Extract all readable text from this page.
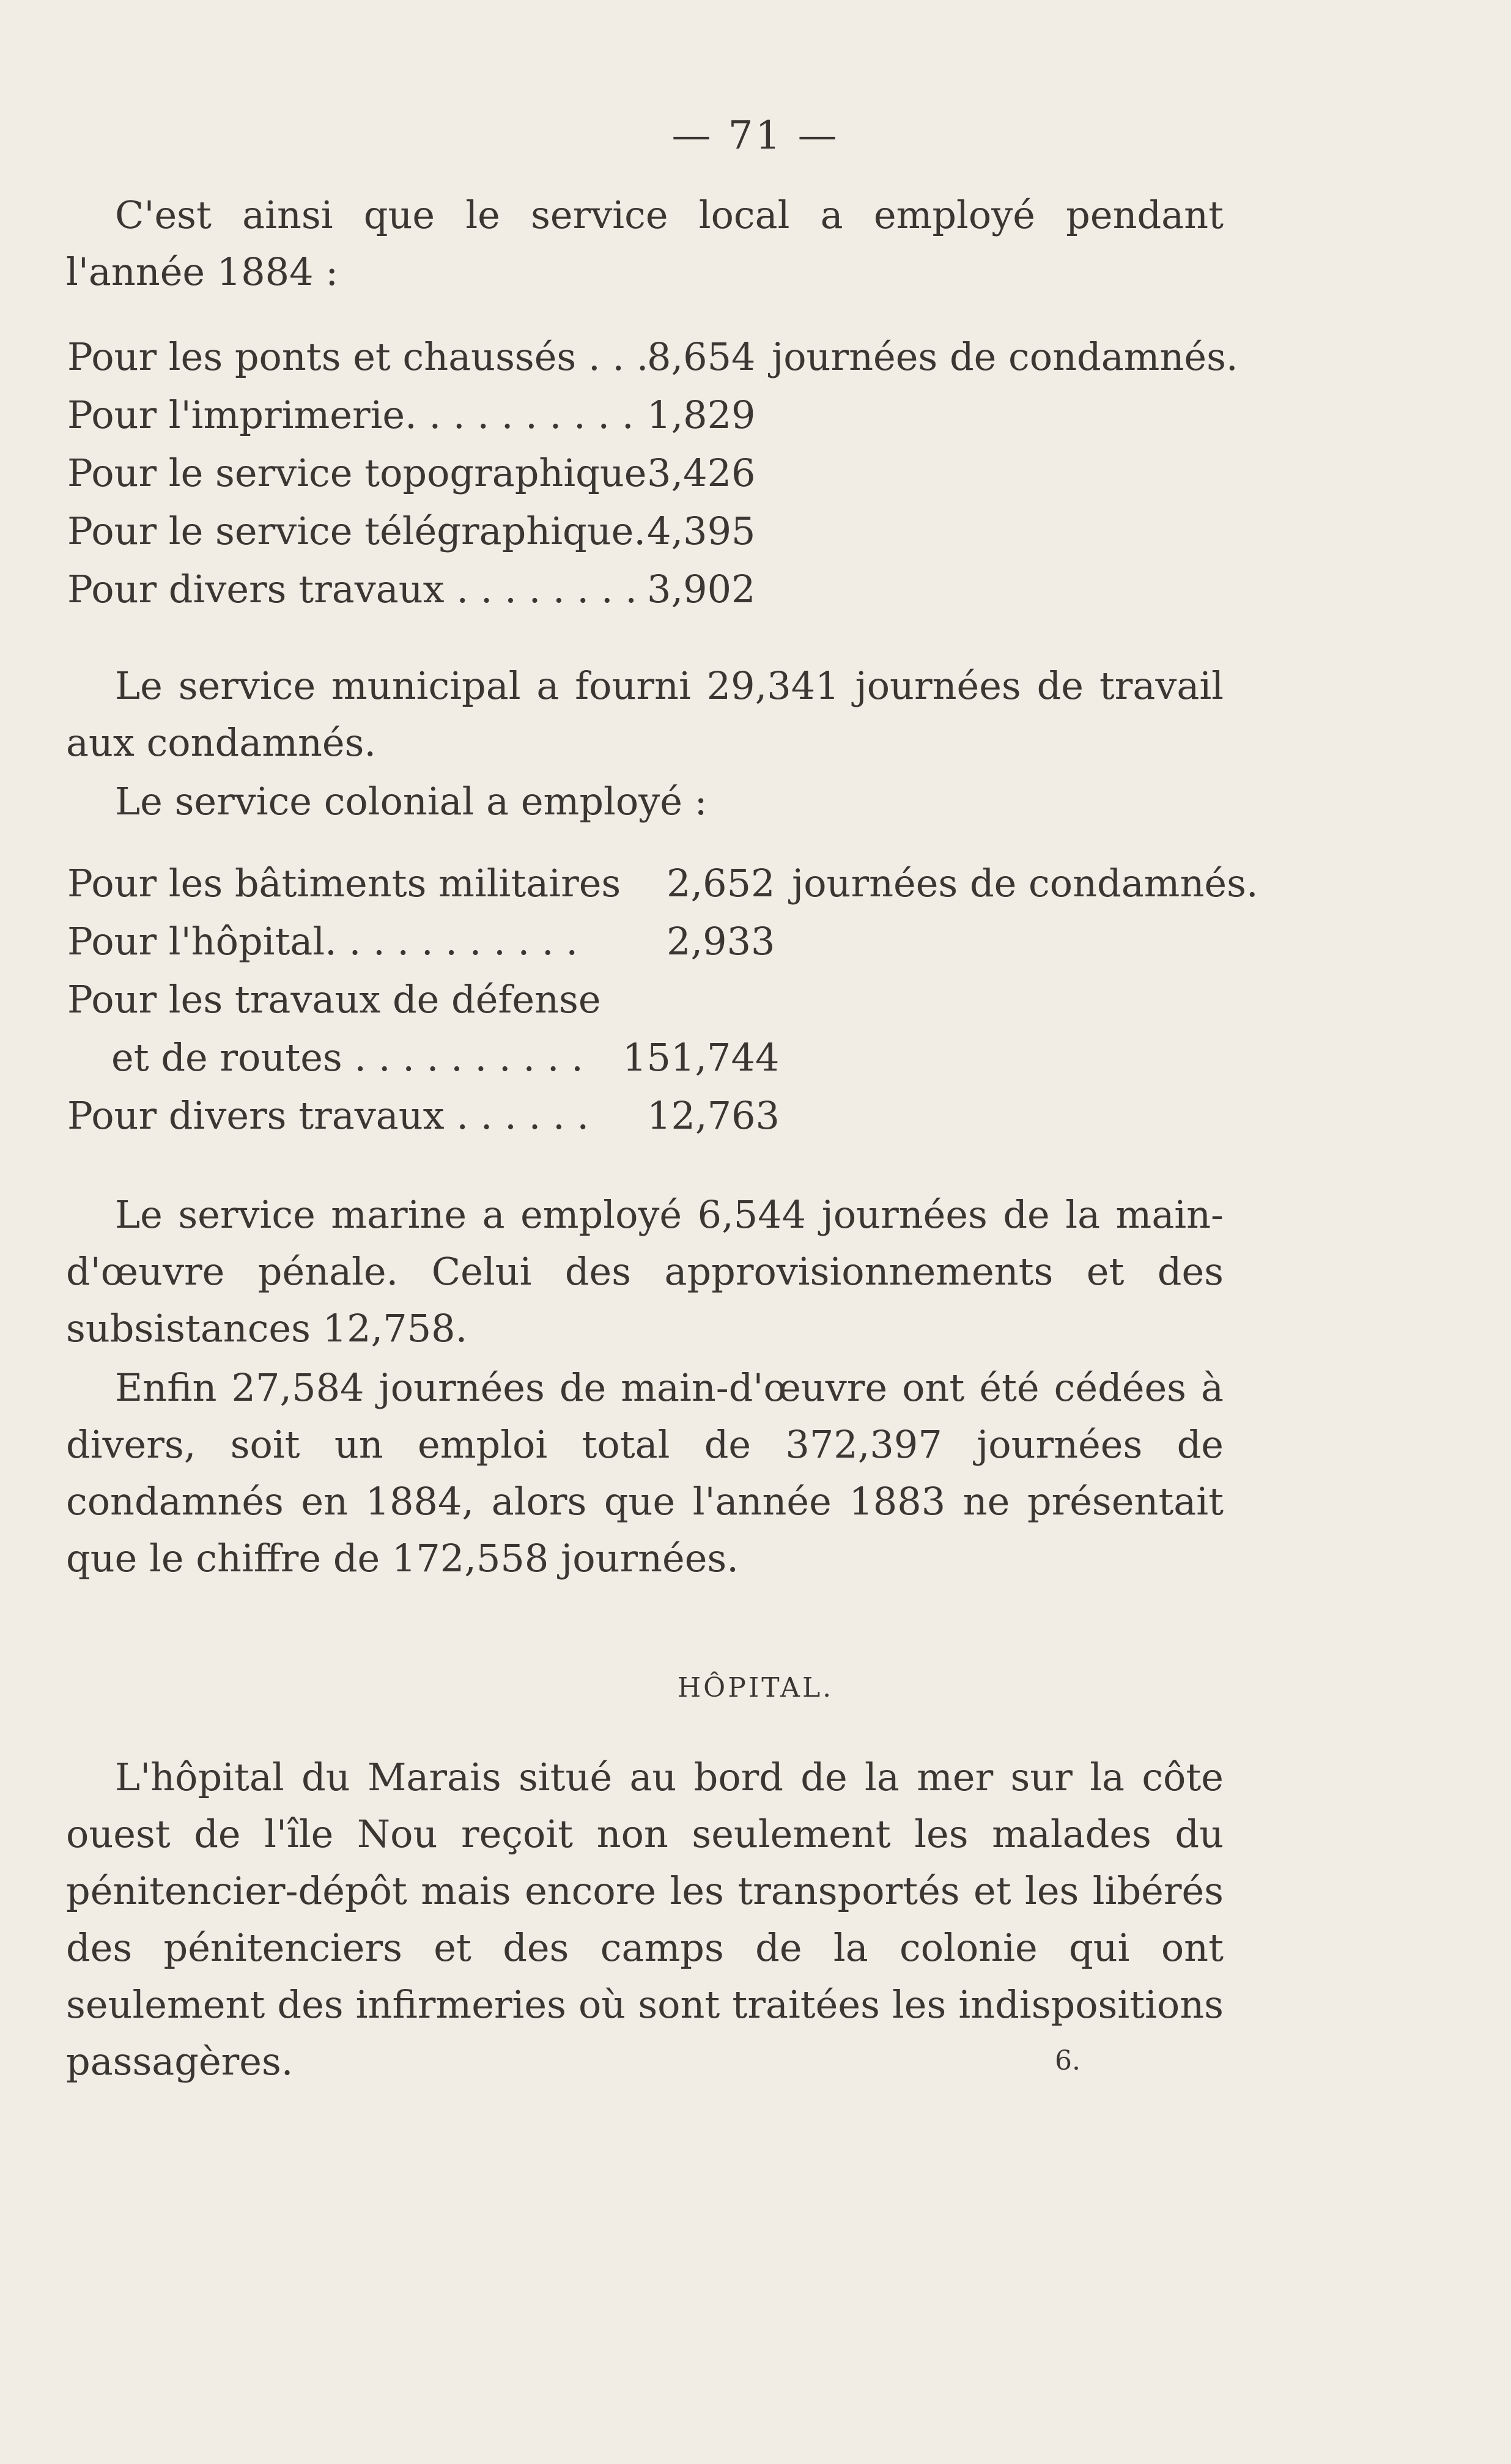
— 71 —
C'est ainsi que le service local a employé pendant l'année 1884 :
Pour les ponts et chaussés . . .
8,654 journées de condamnés.
Pour l'imprimerie. . . . . . . . . . 1,829
Pour le service topographique 3,426
Pour le service télégraphique. 4,395
Pour divers travaux . . . . . . . . 3,902
Le service municipal a fourni 29,341 journées de travail aux condamnés.
Le service colonial a employé :
Pour les bâtiments militaires 2,652 journées de condamnés.
Pour l'hôpital. . . . . . . . . . . 2,933
Pour les travaux de défense
et de routes . . . . . . . . . . 151,744
Pour divers travaux . . . . . . 12,763
Le service marine a employé 6,544 journées de la main-d'œuvre pénale. Celui des approvisionnements et des subsistances 12,758.
Enfin 27,584 journées de main-d'œuvre ont été cédées à divers, soit un emploi total de 372,397 journées de condamnés en 1884, alors que l'année 1883 ne présentait que le chiffre de 172,558 journées.
HÔPITAL.
L'hôpital du Marais situé au bord de la mer sur la côte ouest de l'île Nou reçoit non seulement les malades du pénitencier-dépôt mais encore les transportés et les libérés des pénitenciers et des camps de la colonie qui ont seulement des infirmeries où sont traitées les indispositions passagères.	6.
